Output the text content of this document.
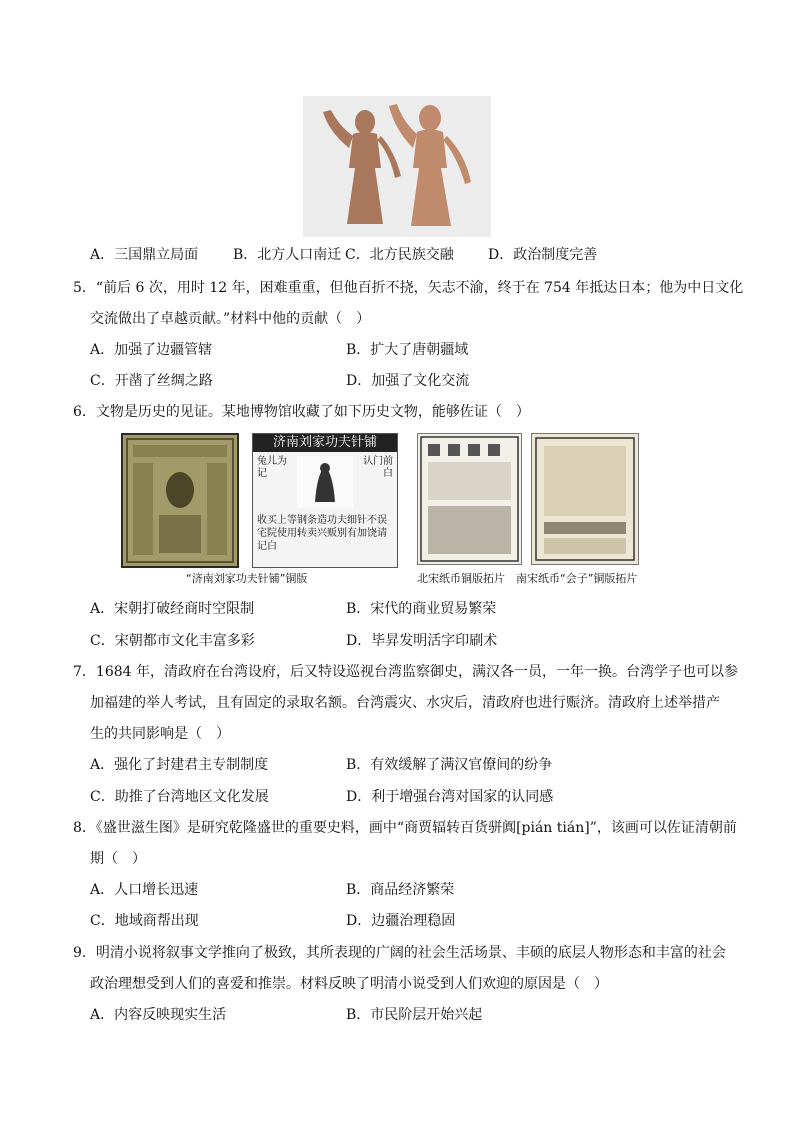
A．三国鼎立局面 B．北方人口南迁 C．北方民族交融 D．政治制度完善
5．“前后 6 次，用时 12 年，困难重重，但他百折不挠，矢志不渝，终于在 754 年抵达日本；他为中日文化
交流做出了卓越贡献。”材料中他的贡献（　）
A．加强了边疆管辖	B．扩大了唐朝疆域
C．开凿了丝绸之路	D．加强了文化交流
6．文物是历史的见证。某地博物馆收藏了如下历史文物，能够佐证（　）
济南刘家功夫针铺
兔儿为记
认门前白
收买上等钢条造功夫细针不误宅院使用转卖兴贩别有加饶请记白
“济南刘家功夫针铺”铜版	北宋纸币铜版拓片　南宋纸币“会子”铜版拓片
A．宋朝打破经商时空限制	B．宋代的商业贸易繁荣
C．宋朝都市文化丰富多彩	D．毕昇发明活字印刷术
7．1684 年，清政府在台湾设府，后又特设巡视台湾监察御史，满汉各一员，一年一换。台湾学子也可以参
加福建的举人考试，且有固定的录取名额。台湾震灾、水灾后，清政府也进行赈济。清政府上述举措产
生的共同影响是（　）
A．强化了封建君主专制制度	B．有效缓解了满汉官僚间的纷争
C．助推了台湾地区文化发展	D．利于增强台湾对国家的认同感
8．《盛世滋生图》是研究乾隆盛世的重要史料，画中“商贾辐转百货骈阗[pián tián]”，该画可以佐证清朝前
期（　）
A．人口增长迅速	B．商品经济繁荣
C．地域商帮出现	D．边疆治理稳固
9．明清小说将叙事文学推向了极致，其所表现的广阔的社会生活场景、丰硕的底层人物形态和丰富的社会
政治理想受到人们的喜爱和推崇。材料反映了明清小说受到人们欢迎的原因是（　）
A．内容反映现实生活	B．市民阶层开始兴起
